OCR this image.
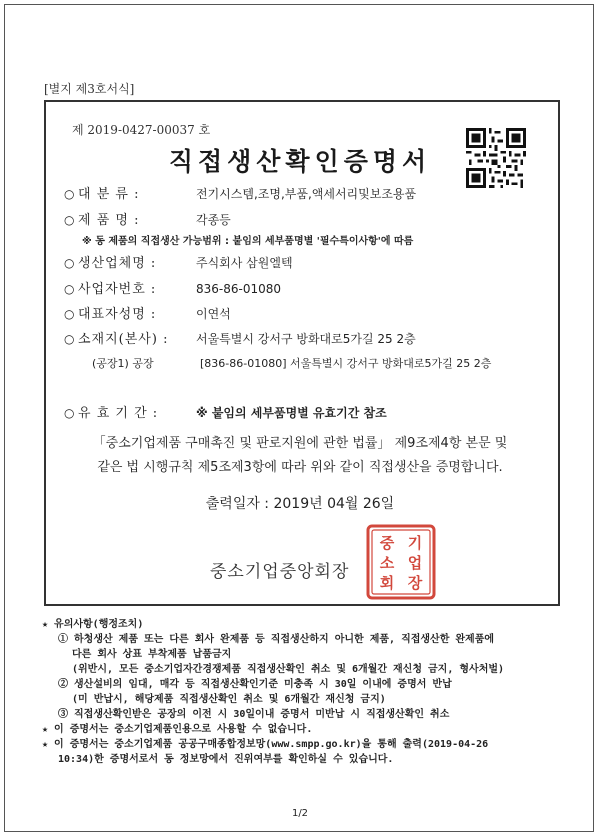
[별지 제3호서식]
제 2019-0427-00037 호
직접생산확인증명서
○ 대 분 류 :	전기시스템,조명,부품,액세서리및보조용품
○ 제 품 명 :	각종등
※ 동 제품의 직접생산 가능범위 : 붙임의 세부품명별 '필수특이사항'에 따름
○ 생산업체명 :	주식회사 삼원엘텍
○ 사업자번호 :	836-86-01080
○ 대표자성명 :	이연석
○ 소재지(본사) : 서울특별시 강서구 방화대로5가길 25 2층
(공장1) 공장	[836-86-01080] 서울특별시 강서구 방화대로5가길 25 2층
○ 유 효 기 간 :	※ 붙임의 세부품명별 유효기간 참조
「중소기업제품 구매촉진 및 판로지원에 관한 법률」 제9조제4항 본문 및
같은 법 시행규칙 제5조제3항에 따라 위와 같이 직접생산을 증명합니다.
출력일자 : 2019년 04월 26일
중소기업중앙회장
중 기
소 업
회 장
★ 유의사항(행정조치)
① 하청생산 제품 또는 다른 회사 완제품 등 직접생산하지 아니한 제품, 직접생산한 완제품에
다른 회사 상표 부착제품 납품금지
(위반시, 모든 중소기업자간경쟁제품 직접생산확인 취소 및 6개월간 재신청 금지, 형사처벌)
② 생산설비의 임대, 매각 등 직접생산확인기준 미충족 시 30일 이내에 증명서 반납
(미 반납시, 해당제품 직접생산확인 취소 및 6개월간 재신청 금지)
③ 직접생산확인받은 공장의 이전 시 30일이내 증명서 미반납 시 직접생산확인 취소
★ 이 증명서는 중소기업제품인용으로 사용할 수 없습니다.
★ 이 증명서는 중소기업제품 공공구매종합정보망(www.smpp.go.kr)을 통해 출력(2019-04-26
10:34)한 증명서로서 동 정보망에서 진위여부를 확인하실 수 있습니다.
1/2
